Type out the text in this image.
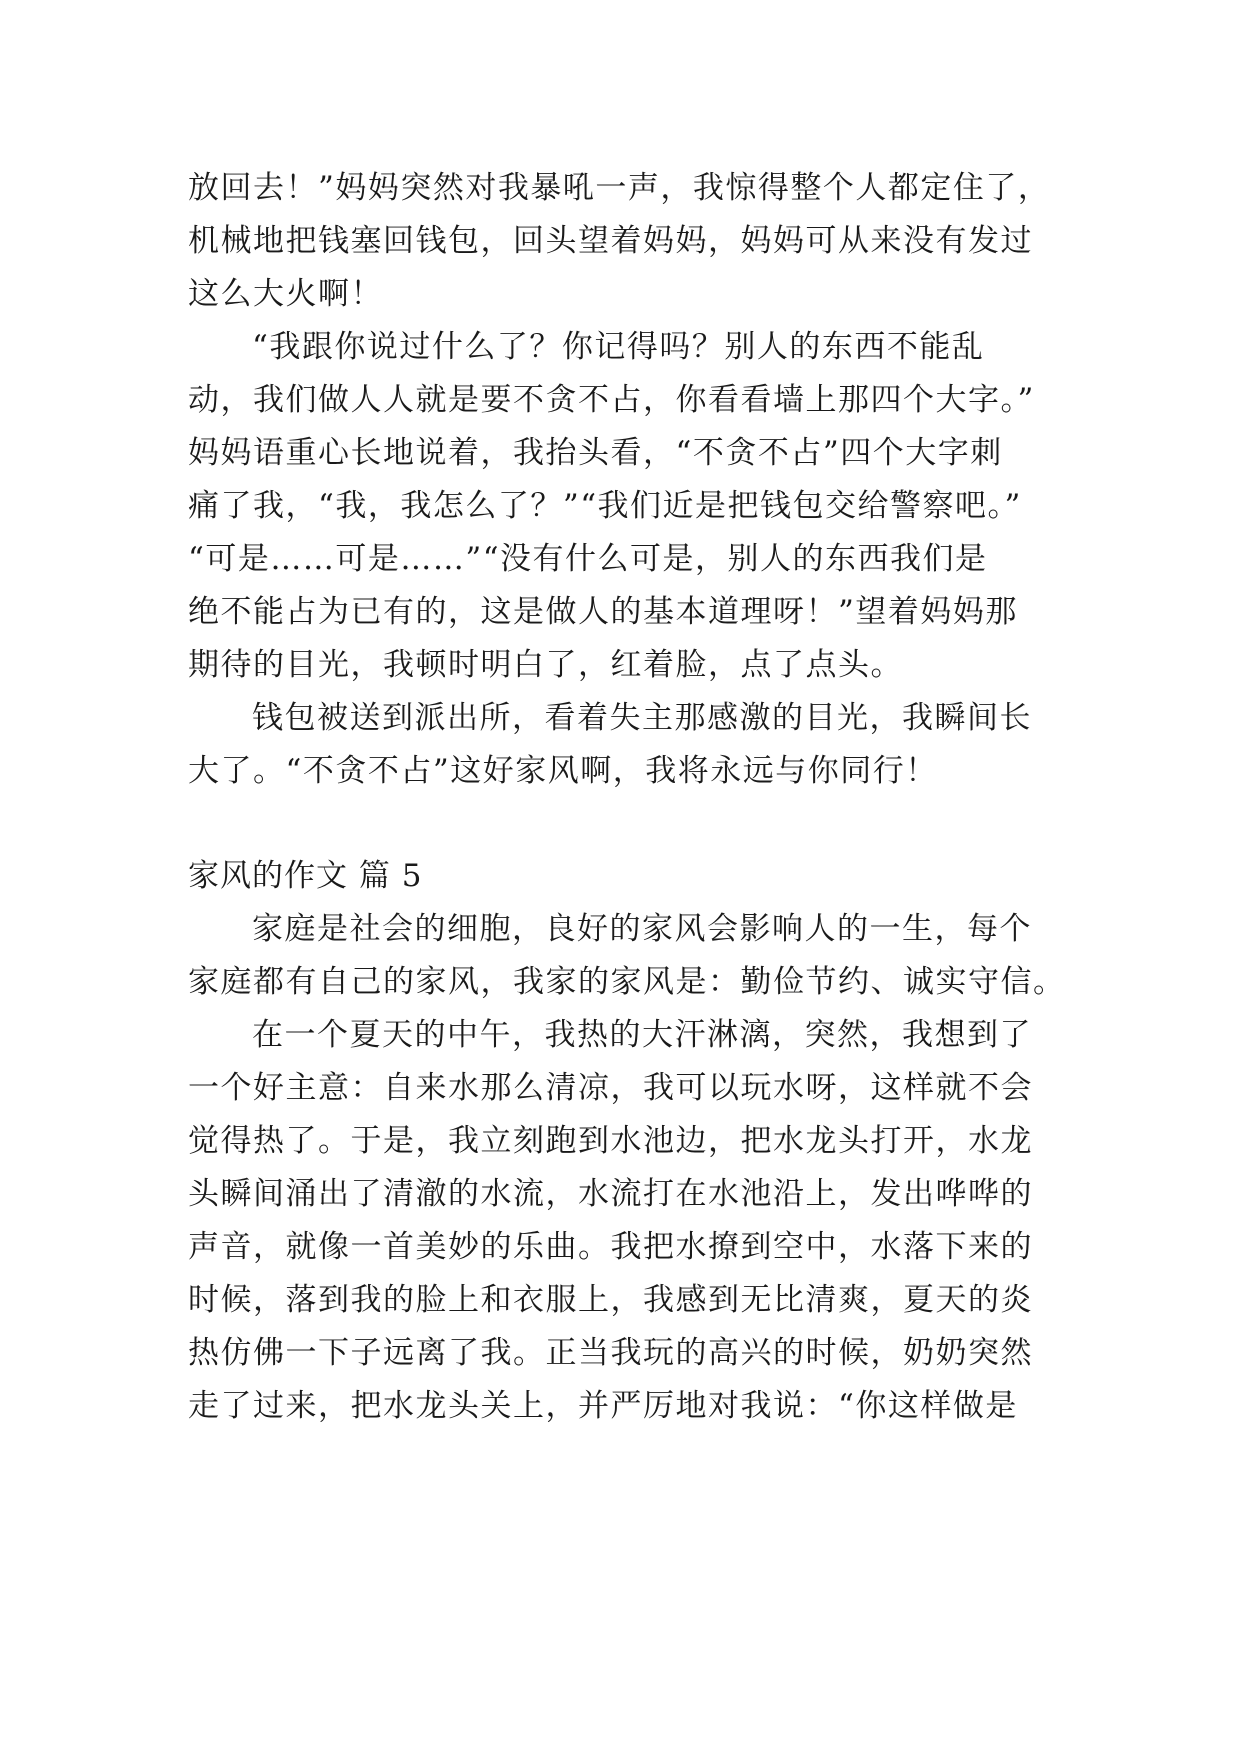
放回去！”妈妈突然对我暴吼一声，我惊得整个人都定住了，
机械地把钱塞回钱包，回头望着妈妈，妈妈可从来没有发过
这么大火啊！
“我跟你说过什么了？你记得吗？别人的东西不能乱
动，我们做人人就是要不贪不占，你看看墙上那四个大字。”
妈妈语重心长地说着，我抬头看，“不贪不占”四个大字刺
痛了我，“我，我怎么了？”“我们近是把钱包交给警察吧。”
“可是……可是……”“没有什么可是，别人的东西我们是
绝不能占为已有的，这是做人的基本道理呀！”望着妈妈那
期待的目光，我顿时明白了，红着脸，点了点头。
钱包被送到派出所，看着失主那感激的目光，我瞬间长
大了。“不贪不占”这好家风啊，我将永远与你同行！
家风的作文 篇 5
家庭是社会的细胞，良好的家风会影响人的一生，每个
家庭都有自己的家风，我家的家风是：勤俭节约、诚实守信。
在一个夏天的中午，我热的大汗淋漓，突然，我想到了
一个好主意：自来水那么清凉，我可以玩水呀，这样就不会
觉得热了。于是，我立刻跑到水池边，把水龙头打开，水龙
头瞬间涌出了清澈的水流，水流打在水池沿上，发出哗哗的
声音，就像一首美妙的乐曲。我把水撩到空中，水落下来的
时候，落到我的脸上和衣服上，我感到无比清爽，夏天的炎
热仿佛一下子远离了我。正当我玩的高兴的时候，奶奶突然
走了过来，把水龙头关上，并严厉地对我说：“你这样做是
